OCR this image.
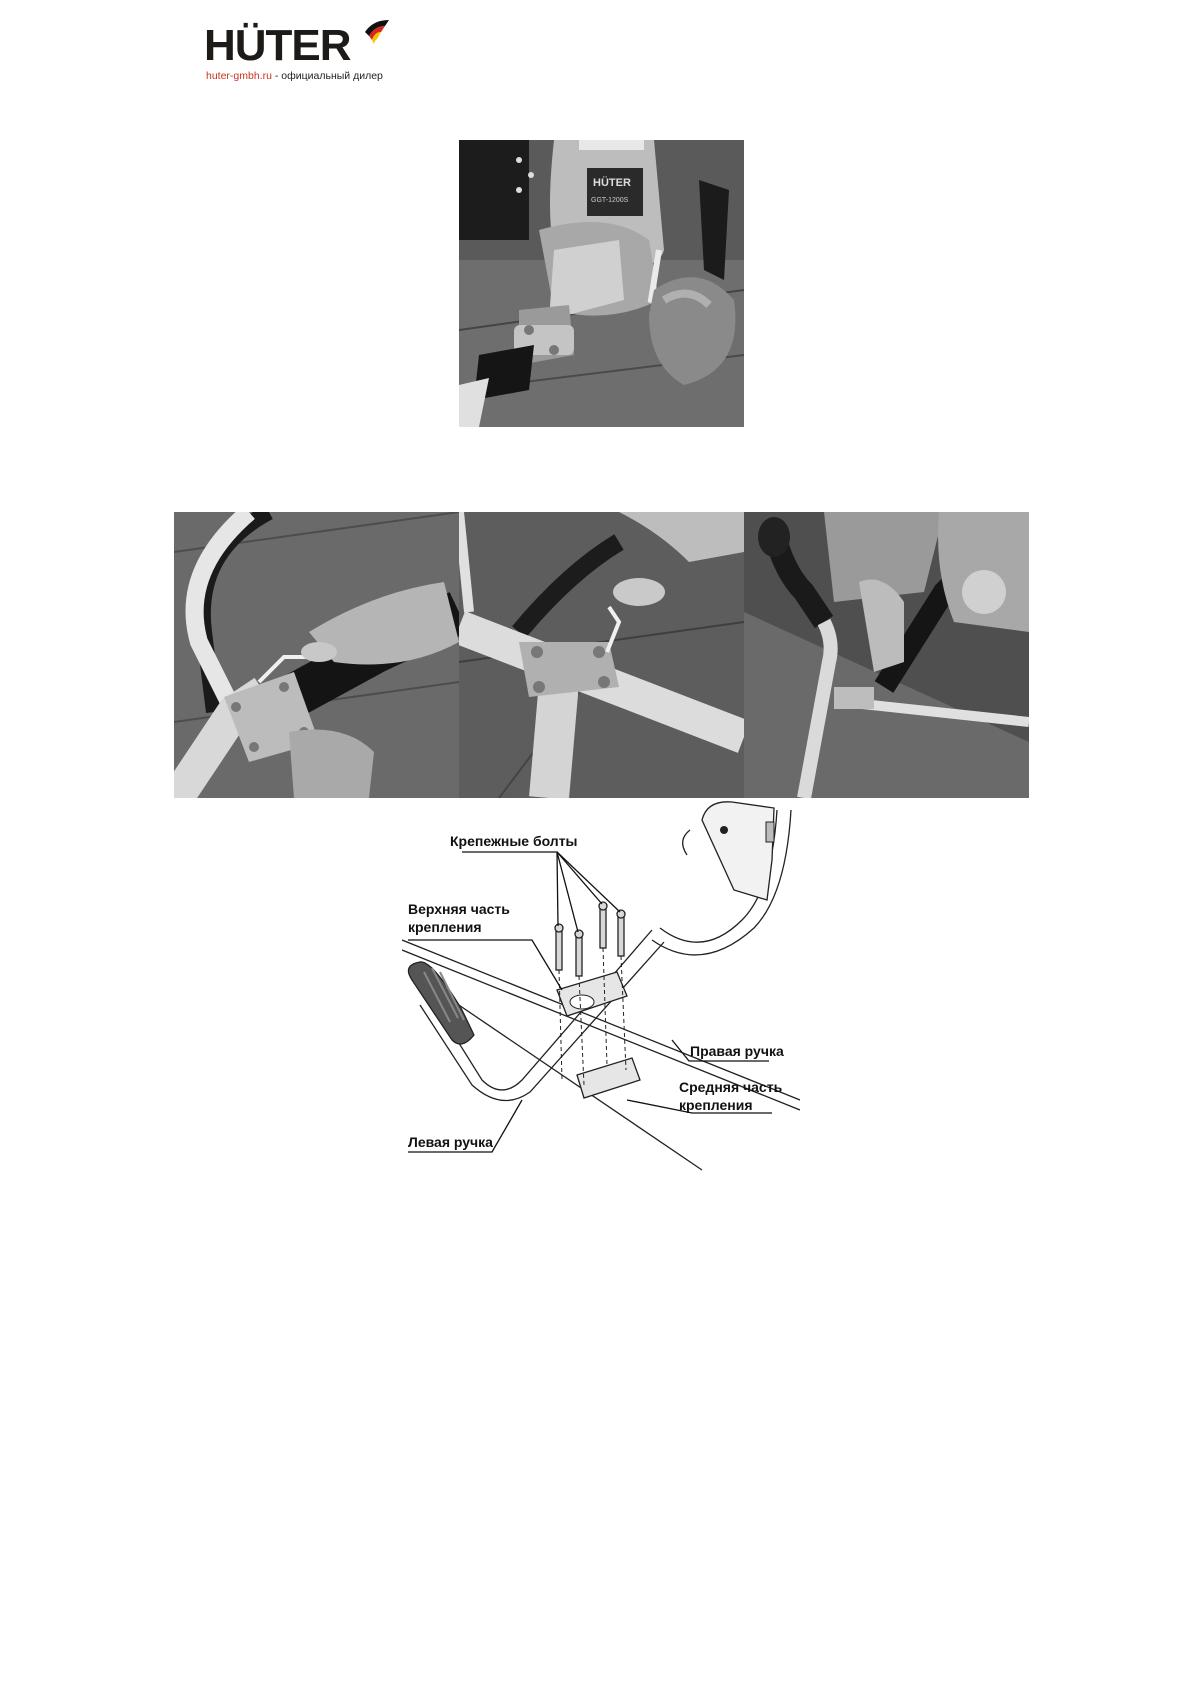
HÜTER
huter-gmbh.ru - официальный дилер
HÜTER
GGT-1200S
Крепежные болты
Верхняя часть
крепления
Правая ручка
Средняя часть
крепления
Левая ручка
